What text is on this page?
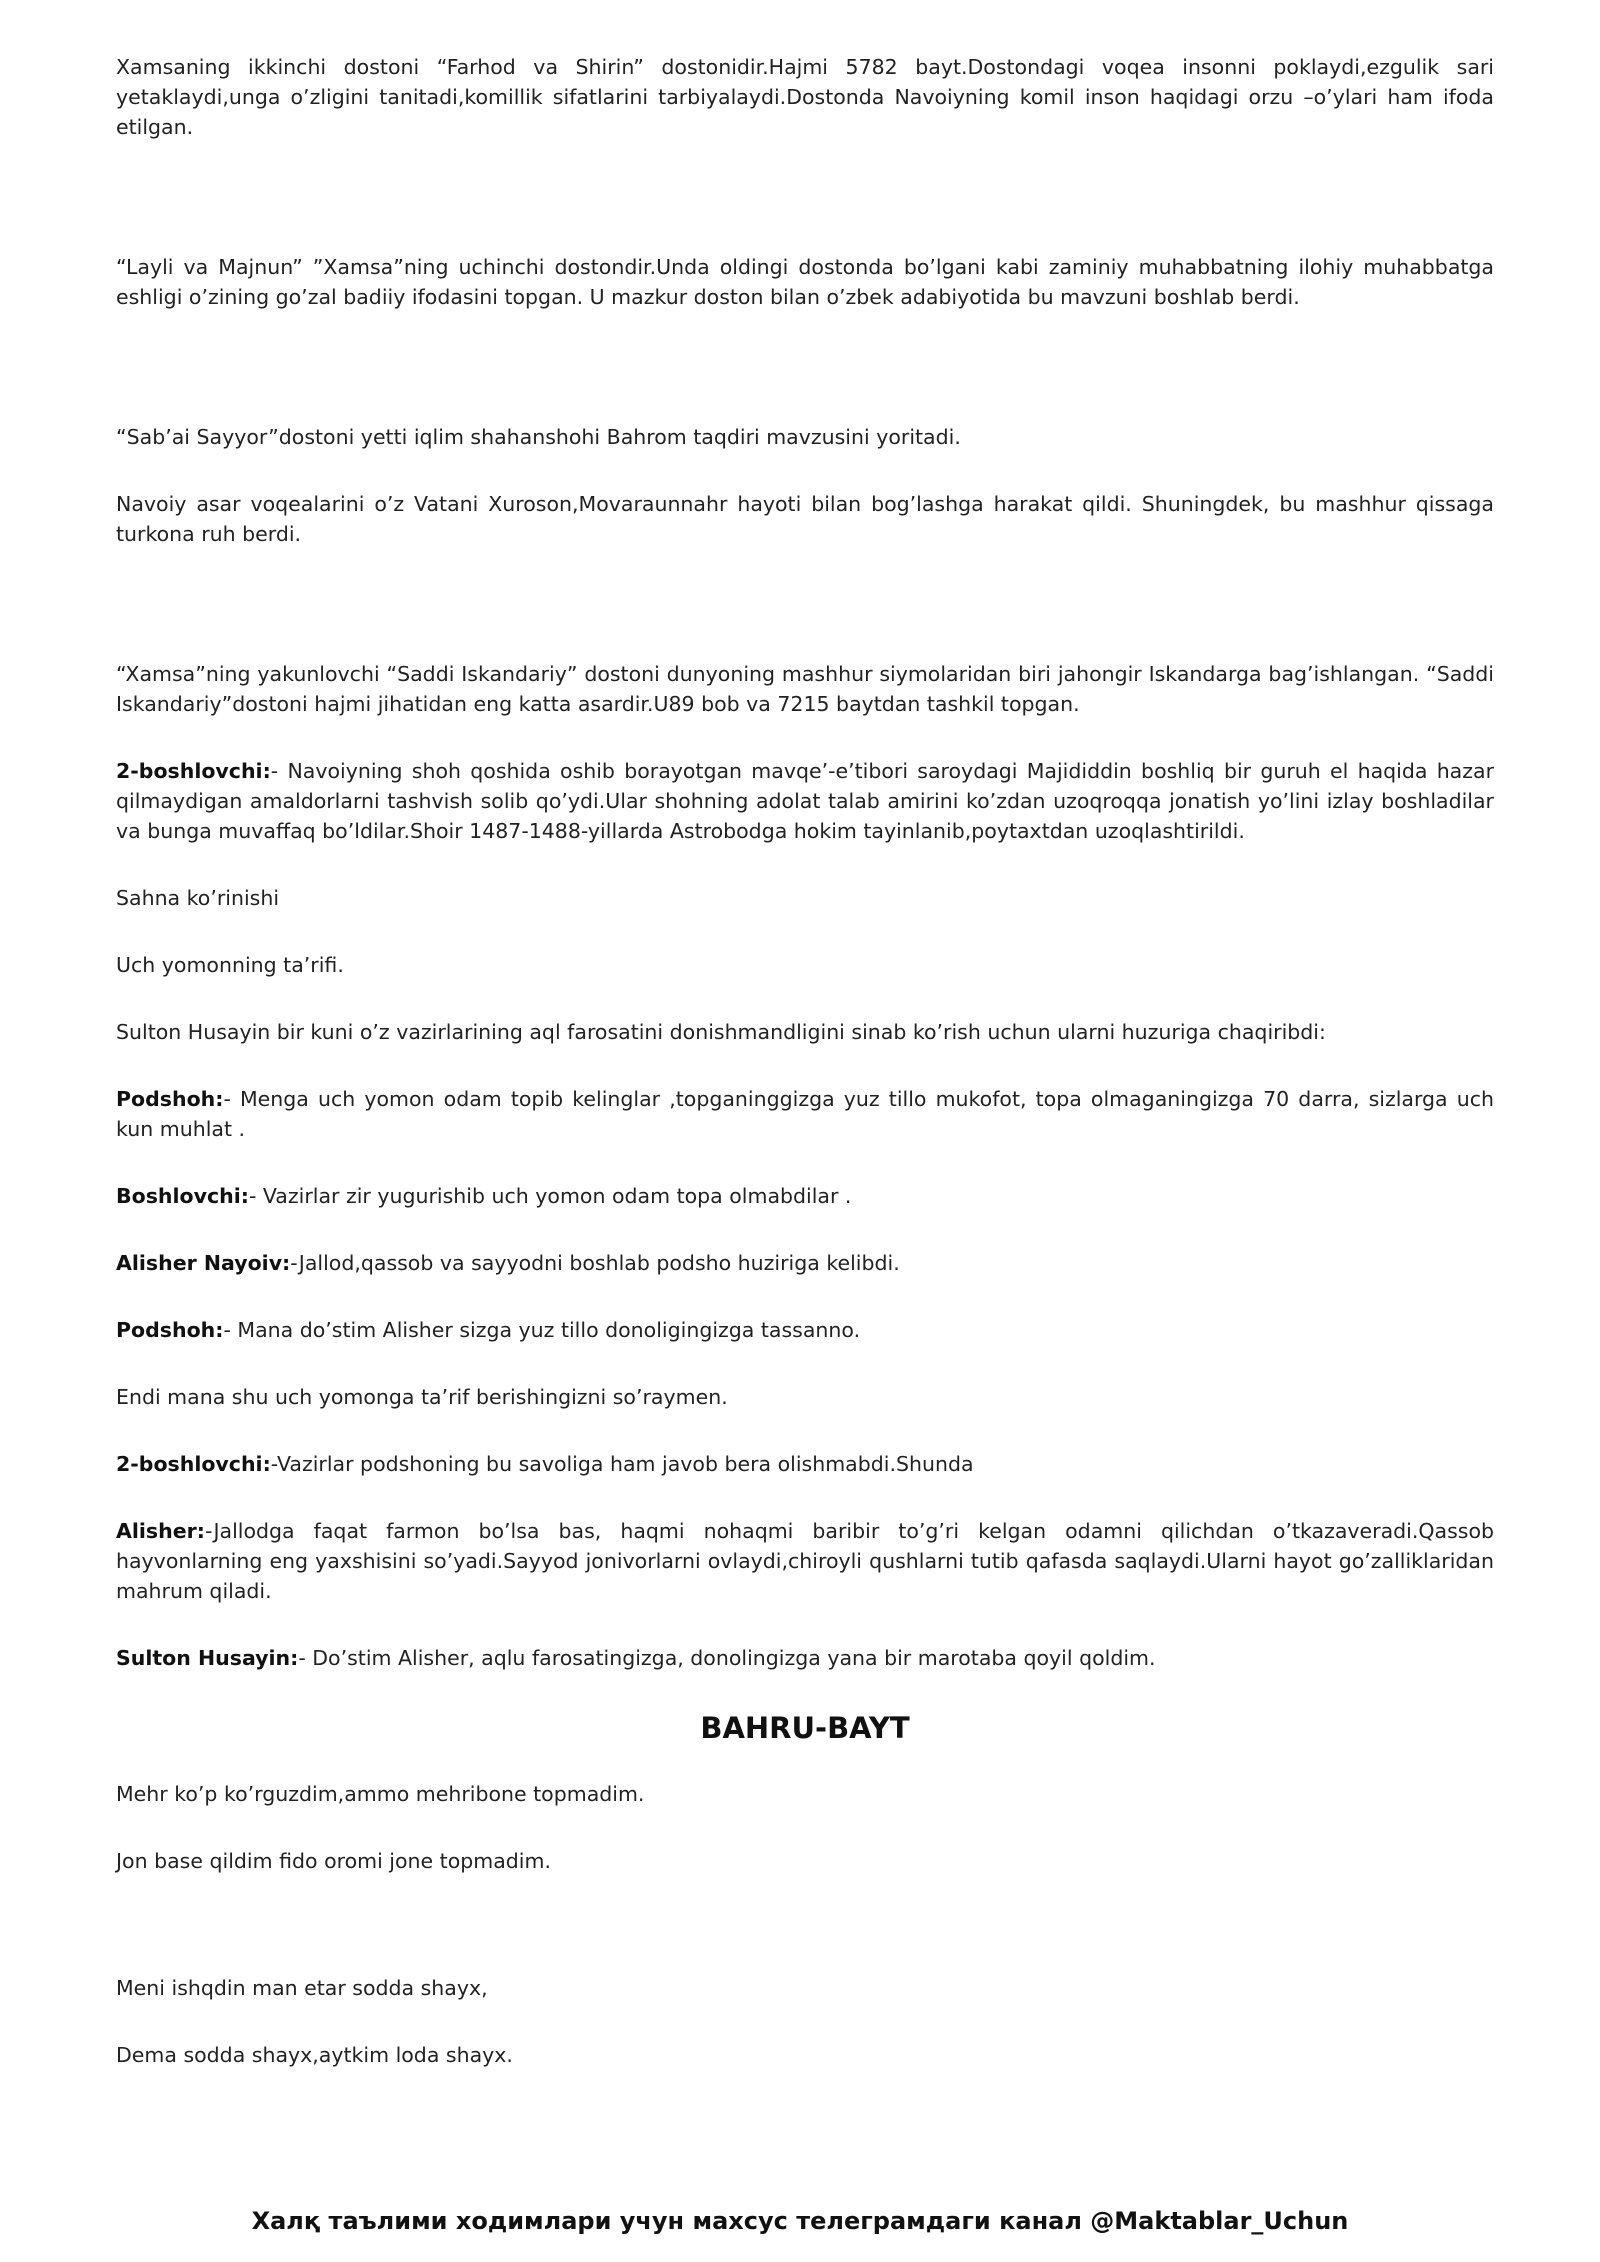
Xamsaning ikkinchi dostoni “Farhod va Shirin” dostonidir.Hajmi 5782 bayt.Dostondagi voqea insonni poklaydi,ezgulik sari yetaklaydi,unga o’zligini tanitadi,komillik sifatlarini tarbiyalaydi.Dostonda Navoiyning komil inson haqidagi orzu –o’ylari ham ifoda etilgan.

“Layli va Majnun” ”Xamsa”ning uchinchi dostondir.Unda oldingi dostonda bo’lgani kabi zaminiy muhabbatning ilohiy muhabbatga eshligi o’zining go’zal badiiy ifodasini topgan. U mazkur doston bilan o’zbek adabiyotida bu mavzuni boshlab berdi.

“Sab’ai Sayyor”dostoni yetti iqlim shahanshohi Bahrom taqdiri mavzusini yoritadi.

Navoiy asar voqealarini o’z Vatani Xuroson,Movaraunnahr hayoti bilan bog’lashga harakat qildi. Shuningdek, bu mashhur qissaga turkona ruh berdi.

“Xamsa”ning yakunlovchi “Saddi Iskandariy” dostoni dunyoning mashhur siymolaridan biri jahongir Iskandarga bag’ishlangan. “Saddi Iskandariy”dostoni hajmi jihatidan eng katta asardir.U89 bob va 7215 baytdan tashkil topgan.

2-boshlovchi:- Navoiyning shoh qoshida oshib borayotgan mavqe’-e’tibori saroydagi Majididdin boshliq bir guruh el haqida hazar qilmaydigan amaldorlarni tashvish solib qo’ydi.Ular shohning adolat talab amirini ko’zdan uzoqroqqa jonatish yo’lini izlay boshladilar va bunga muvaffaq bo’ldilar.Shoir 1487-1488-yillarda Astrobodga hokim tayinlanib,poytaxtdan uzoqlashtirildi.

Sahna ko’rinishi

Uch yomonning ta’rifi.

Sulton Husayin bir kuni o’z vazirlarining aql farosatini donishmandligini sinab ko’rish uchun ularni huzuriga chaqiribdi:

Podshoh:- Menga uch yomon odam topib kelinglar ,topganinggizga yuz tillo mukofot, topa olmaganingizga 70 darra, sizlarga uch kun muhlat .

Boshlovchi:- Vazirlar zir yugurishib uch yomon odam topa olmabdilar .

Alisher Nayoiv:-Jallod,qassob va sayyodni boshlab podsho huziriga kelibdi.

Podshoh:- Mana do’stim Alisher sizga yuz tillo donoligingizga tassanno.

Endi mana shu uch yomonga ta’rif berishingizni so’raymen.

2-boshlovchi:-Vazirlar podshoning bu savoliga ham javob bera olishmabdi.Shunda

Alisher:-Jallodga faqat farmon bo’lsa bas, haqmi nohaqmi baribir to’g’ri kelgan odamni qilichdan o’tkazaveradi.Qassob hayvonlarning eng yaxshisini so’yadi.Sayyod jonivorlarni ovlaydi,chiroyli qushlarni tutib qafasda saqlaydi.Ularni hayot go’zalliklaridan mahrum qiladi.

Sulton Husayin:- Do’stim Alisher, aqlu farosatingizga, donolingizga yana bir marotaba qoyil qoldim.

BAHRU-BAYT

Mehr ko’p ko’rguzdim,ammo mehribone topmadim.

Jon base qildim fido oromi jone topmadim.

Meni ishqdin man etar sodda shayx,

Dema sodda shayx,aytkim loda shayx.

Халқ таълими ходимлари учун махсус телеграмдаги канал @Maktablar_Uchun
